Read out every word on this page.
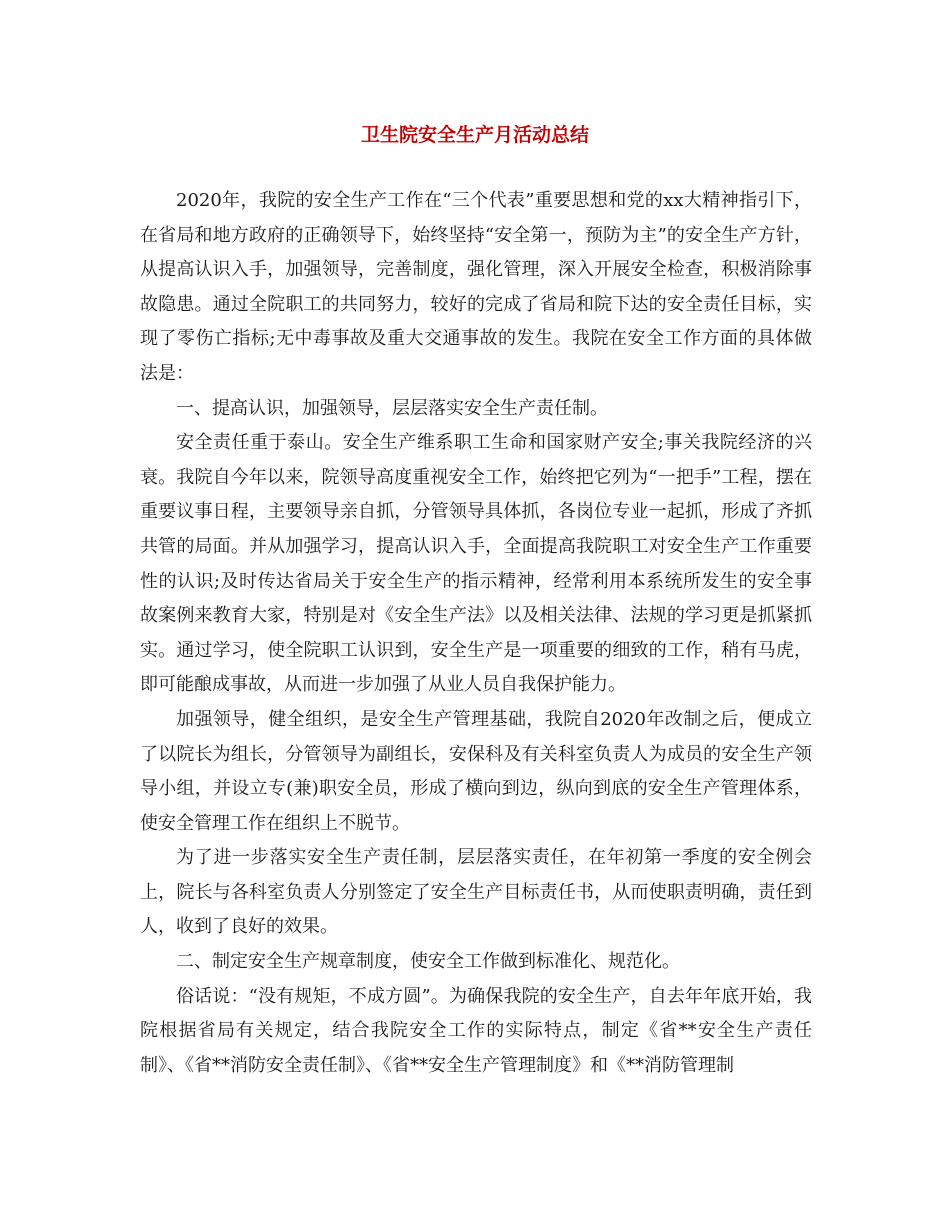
卫生院安全生产月活动总结

2020年，我院的安全生产工作在“三个代表”重要思想和党的xx大精神指引下，在省局和地方政府的正确领导下，始终坚持“安全第一，预防为主”的安全生产方针，从提高认识入手，加强领导，完善制度，强化管理，深入开展安全检查，积极消除事故隐患。通过全院职工的共同努力，较好的完成了省局和院下达的安全责任目标，实现了零伤亡指标;无中毒事故及重大交通事故的发生。我院在安全工作方面的具体做法是：

一、提高认识，加强领导，层层落实安全生产责任制。

安全责任重于泰山。安全生产维系职工生命和国家财产安全;事关我院经济的兴衰。我院自今年以来，院领导高度重视安全工作，始终把它列为“一把手”工程，摆在重要议事日程，主要领导亲自抓，分管领导具体抓，各岗位专业一起抓，形成了齐抓共管的局面。并从加强学习，提高认识入手，全面提高我院职工对安全生产工作重要性的认识;及时传达省局关于安全生产的指示精神，经常利用本系统所发生的安全事故案例来教育大家，特别是对《安全生产法》以及相关法律、法规的学习更是抓紧抓实。通过学习，使全院职工认识到，安全生产是一项重要的细致的工作，稍有马虎，即可能酿成事故，从而进一步加强了从业人员自我保护能力。

加强领导，健全组织，是安全生产管理基础，我院自2020年改制之后，便成立了以院长为组长，分管领导为副组长，安保科及有关科室负责人为成员的安全生产领导小组，并设立专(兼)职安全员，形成了横向到边，纵向到底的安全生产管理体系，使安全管理工作在组织上不脱节。

为了进一步落实安全生产责任制，层层落实责任，在年初第一季度的安全例会上，院长与各科室负责人分别签定了安全生产目标责任书，从而使职责明确，责任到人，收到了良好的效果。

二、制定安全生产规章制度，使安全工作做到标准化、规范化。

俗话说：“没有规矩，不成方圆”。为确保我院的安全生产，自去年年底开始，我院根据省局有关规定，结合我院安全工作的实际特点，制定《省**安全生产责任制》、《省**消防安全责任制》、《省**安全生产管理制度》和《**消防管理制
